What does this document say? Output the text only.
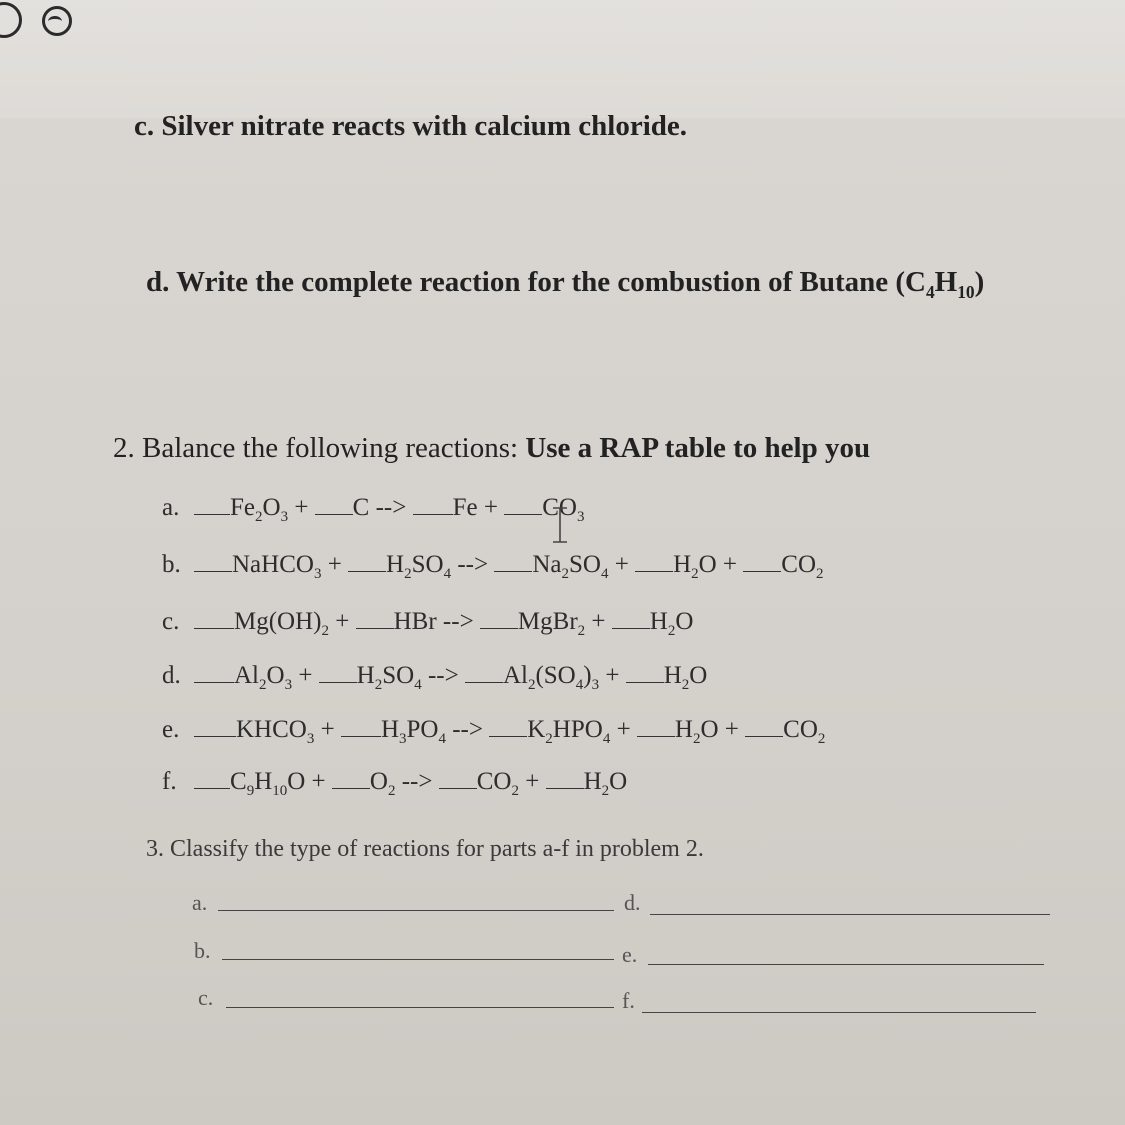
c. Silver nitrate reacts with calcium chloride.
d. Write the complete reaction for the combustion of Butane $(C_4H_{10})$
2. Balance the following reactions: Use a RAP table to help you
a. $Fe_2O_3 + C$ --> $Fe + CO_3$
b. NaHCO$_3$ + $H_2SO_4$ --> $Na_2SO_4 + H_2O + CO_2$
c. $Mg(OH)_2$ + HBr --> MgBr$_2$ + $H_2O$
d. $Al_2O_3 + H_2SO_4$ --> $Al_2(SO_4)_3 + H_2O$
e. $KHCO_3 + H_3PO_4$ --> $K_2HPO_4 + H_2O + CO_2$
f. $C_9H_{10}O + O_2$ --> $CO_2 + H_2O$
3. Classify the type of reactions for parts a-f in problem 2.
a.	d.
b.	e.
c.	f.
